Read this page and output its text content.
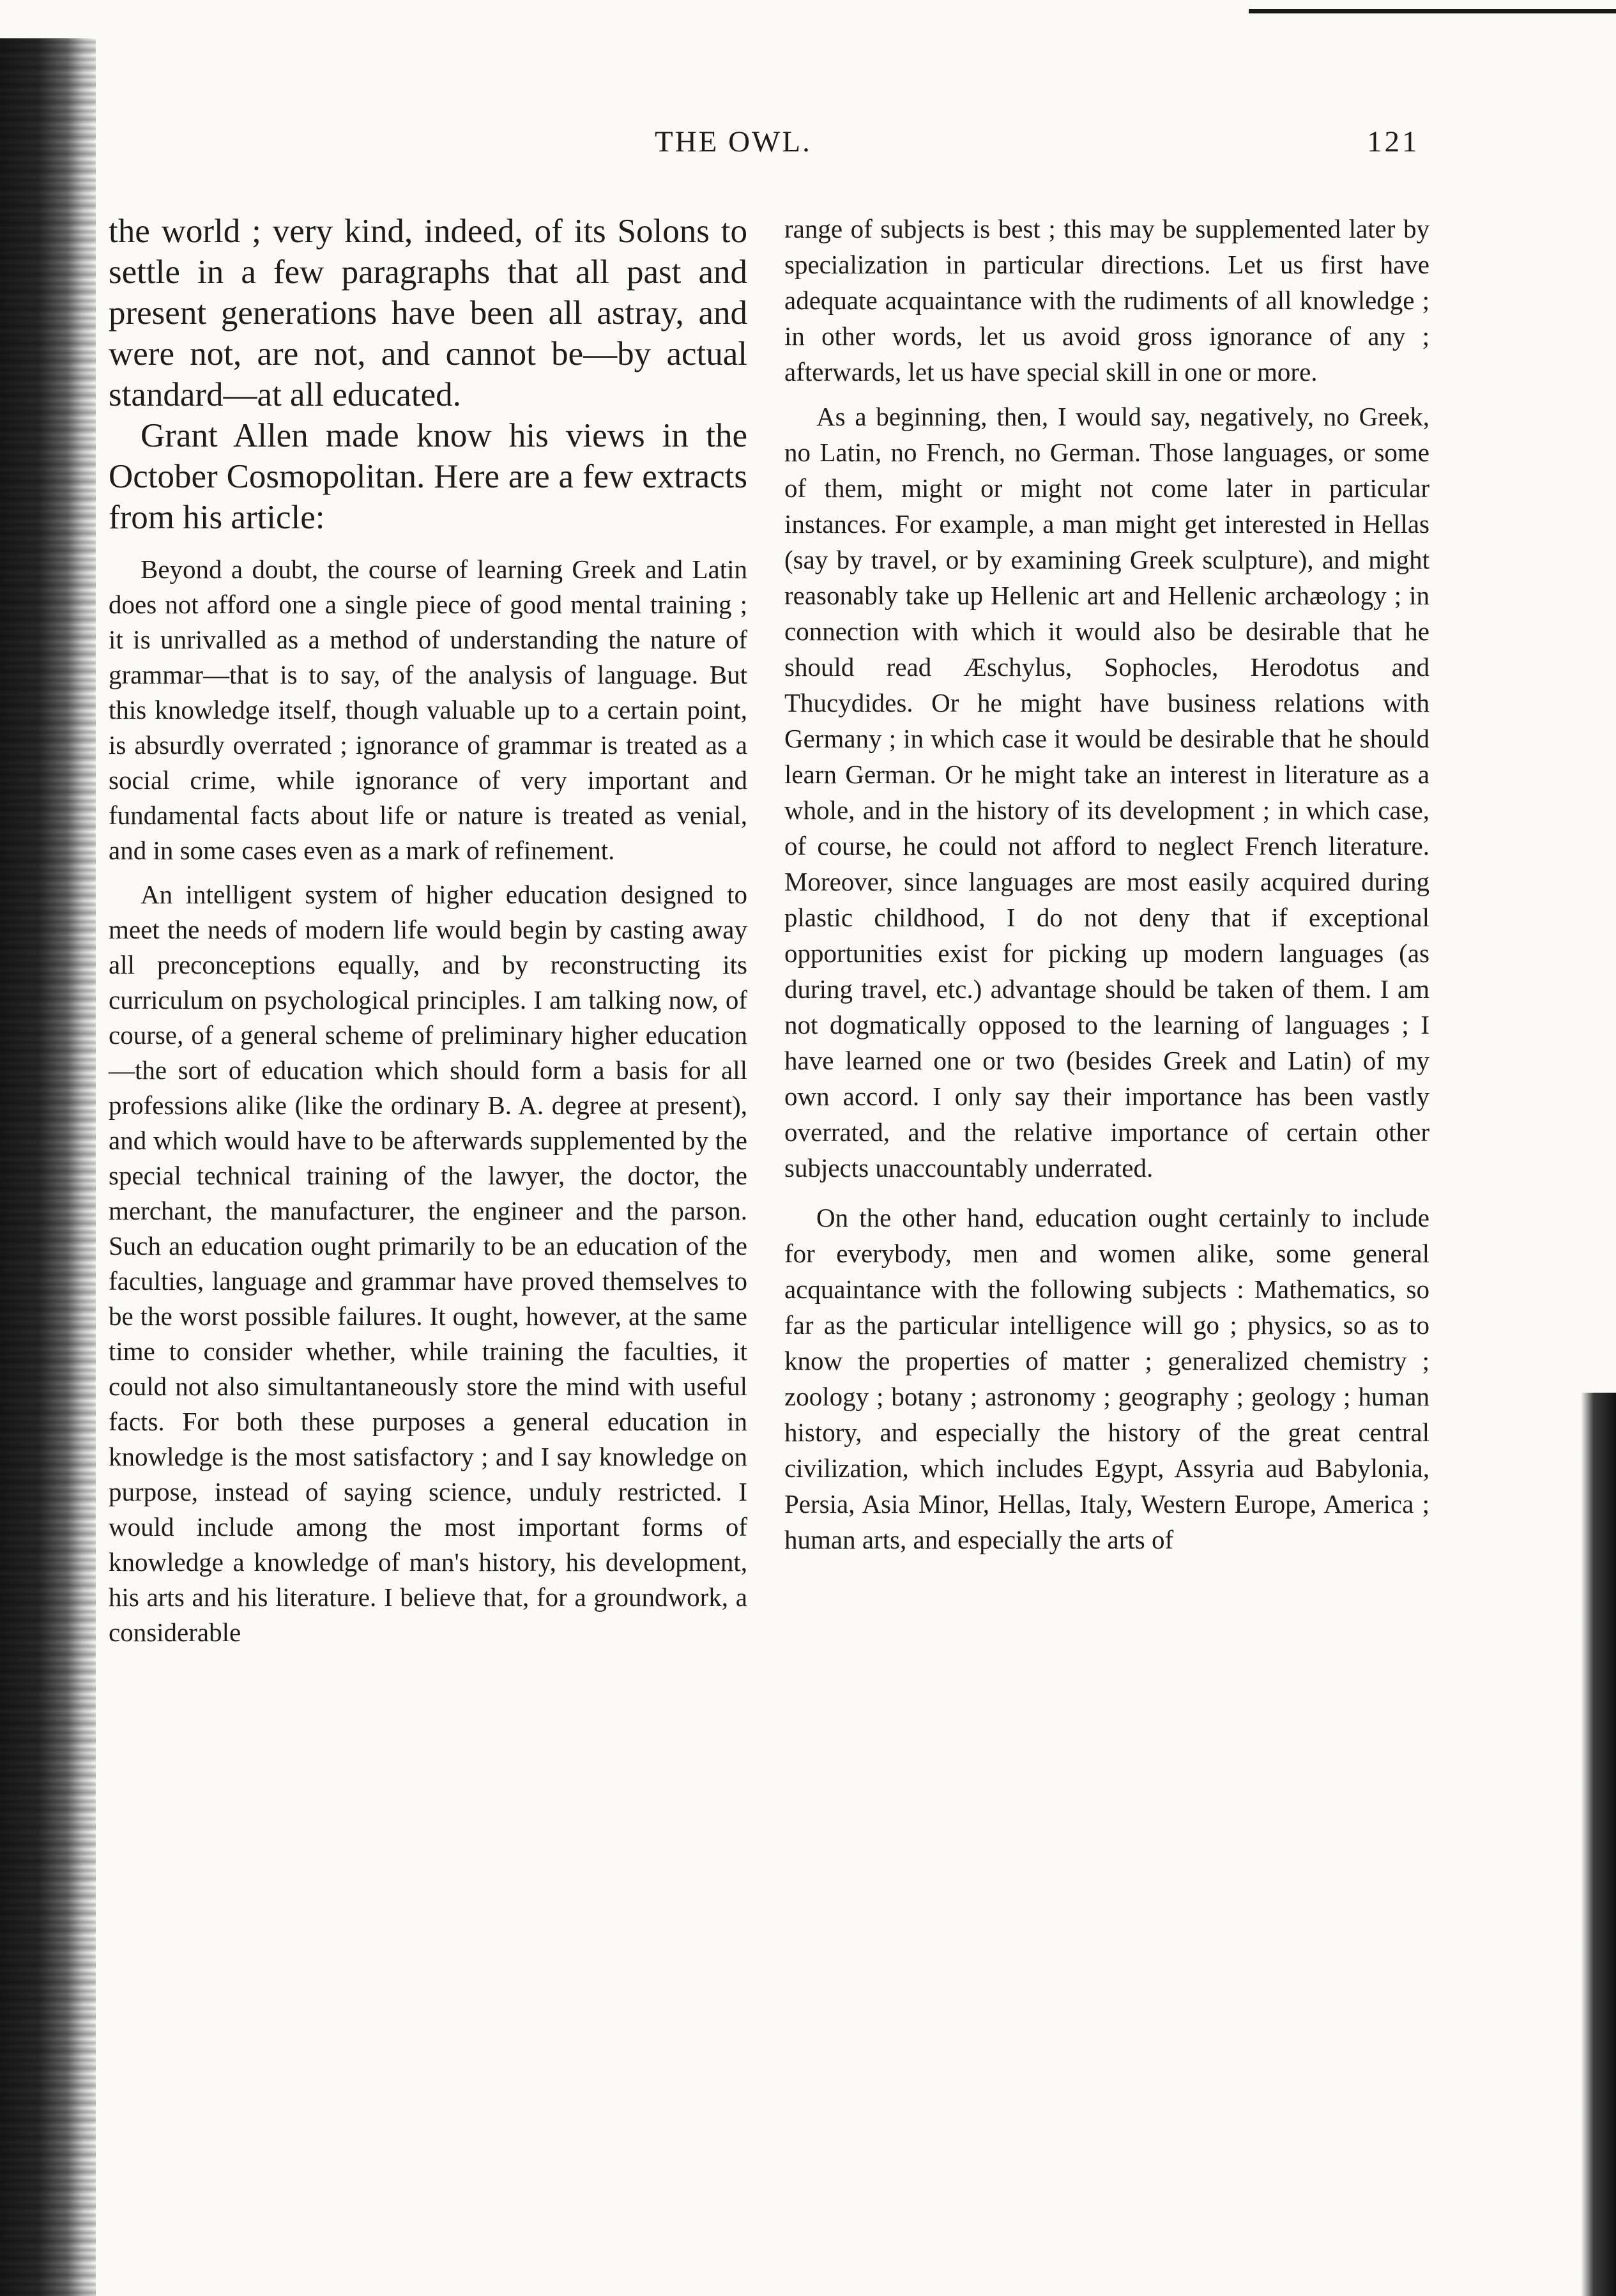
THE OWL.	121

the world ; very kind, indeed, of its Solons to settle in a few paragraphs that all past and present generations have been all astray, and were not, are not, and cannot be—by actual standard—at all educated.

Grant Allen made know his views in the October Cosmopolitan. Here are a few extracts from his article:

Beyond a doubt, the course of learning Greek and Latin does not afford one a single piece of good mental training ; it is unrivalled as a method of understanding the nature of grammar—that is to say, of the analysis of language. But this knowledge itself, though valuable up to a certain point, is absurdly overrated ; ignorance of grammar is treated as a social crime, while ignorance of very important and fundamental facts about life or nature is treated as venial, and in some cases even as a mark of refinement.

An intelligent system of higher education designed to meet the needs of modern life would begin by casting away all preconceptions equally, and by reconstructing its curriculum on psychological principles. I am talking now, of course, of a general scheme of preliminary higher education—the sort of education which should form a basis for all professions alike (like the ordinary B. A. degree at present), and which would have to be afterwards supplemented by the special technical training of the lawyer, the doctor, the merchant, the manufacturer, the engineer and the parson. Such an education ought primarily to be an education of the faculties, language and grammar have proved themselves to be the worst possible failures. It ought, however, at the same time to consider whether, while training the faculties, it could not also simultantaneously store the mind with useful facts. For both these purposes a general education in knowledge is the most satisfactory ; and I say knowledge on purpose, instead of saying science, unduly restricted. I would include among the most important forms of knowledge a knowledge of man's history, his development, his arts and his literature. I believe that, for a groundwork, a considerable

range of subjects is best ; this may be supplemented later by specialization in particular directions. Let us first have adequate acquaintance with the rudiments of all knowledge ; in other words, let us avoid gross ignorance of any ; afterwards, let us have special skill in one or more.

As a beginning, then, I would say, negatively, no Greek, no Latin, no French, no German. Those languages, or some of them, might or might not come later in particular instances. For example, a man might get interested in Hellas (say by travel, or by examining Greek sculpture), and might reasonably take up Hellenic art and Hellenic archæology ; in connection with which it would also be desirable that he should read Æschylus, Sophocles, Herodotus and Thucydides. Or he might have business relations with Germany ; in which case it would be desirable that he should learn German. Or he might take an interest in literature as a whole, and in the history of its development ; in which case, of course, he could not afford to neglect French literature. Moreover, since languages are most easily acquired during plastic childhood, I do not deny that if exceptional opportunities exist for picking up modern languages (as during travel, etc.) advantage should be taken of them. I am not dogmatically opposed to the learning of languages ; I have learned one or two (besides Greek and Latin) of my own accord. I only say their importance has been vastly overrated, and the relative importance of certain other subjects unaccountably underrated.

On the other hand, education ought certainly to include for everybody, men and women alike, some general acquaintance with the following subjects : Mathematics, so far as the particular intelligence will go ; physics, so as to know the properties of matter ; generalized chemistry ; zoology ; botany ; astronomy ; geography ; geology ; human history, and especially the history of the great central civilization, which includes Egypt, Assyria aud Babylonia, Persia, Asia Minor, Hellas, Italy, Western Europe, America ; human arts, and especially the arts of
